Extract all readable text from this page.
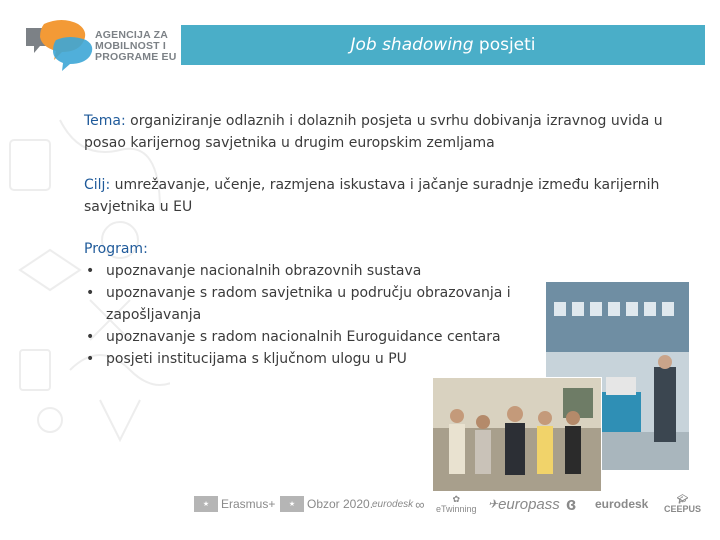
AGENCIJA ZA
MOBILNOST I
PROGRAME EU
Job shadowing posjeti

Tema: organiziranje odlaznih i dolaznih posjeta u svrhu dobivanja izravnog uvida u posao karijernog savjetnika u drugim europskim zemljama

Cilj: umrežavanje, učenje, razmjena iskustava i jačanje suradnje između karijernih savjetnika u EU

Program:
• upoznavanje nacionalnih obrazovnih sustava
• upoznavanje s radom savjetnika u području obrazovanja i zapošljavanja
• upoznavanje s radom nacionalnih Euroguidance centara
• posjeti institucijama s ključnom ulogu u PU
★ Erasmus+	★ Obzor 2020.
eurodesk ∞	✿
eTwinning ✈ europass ɞ eurodesk	🎓︎
CEEPUS
